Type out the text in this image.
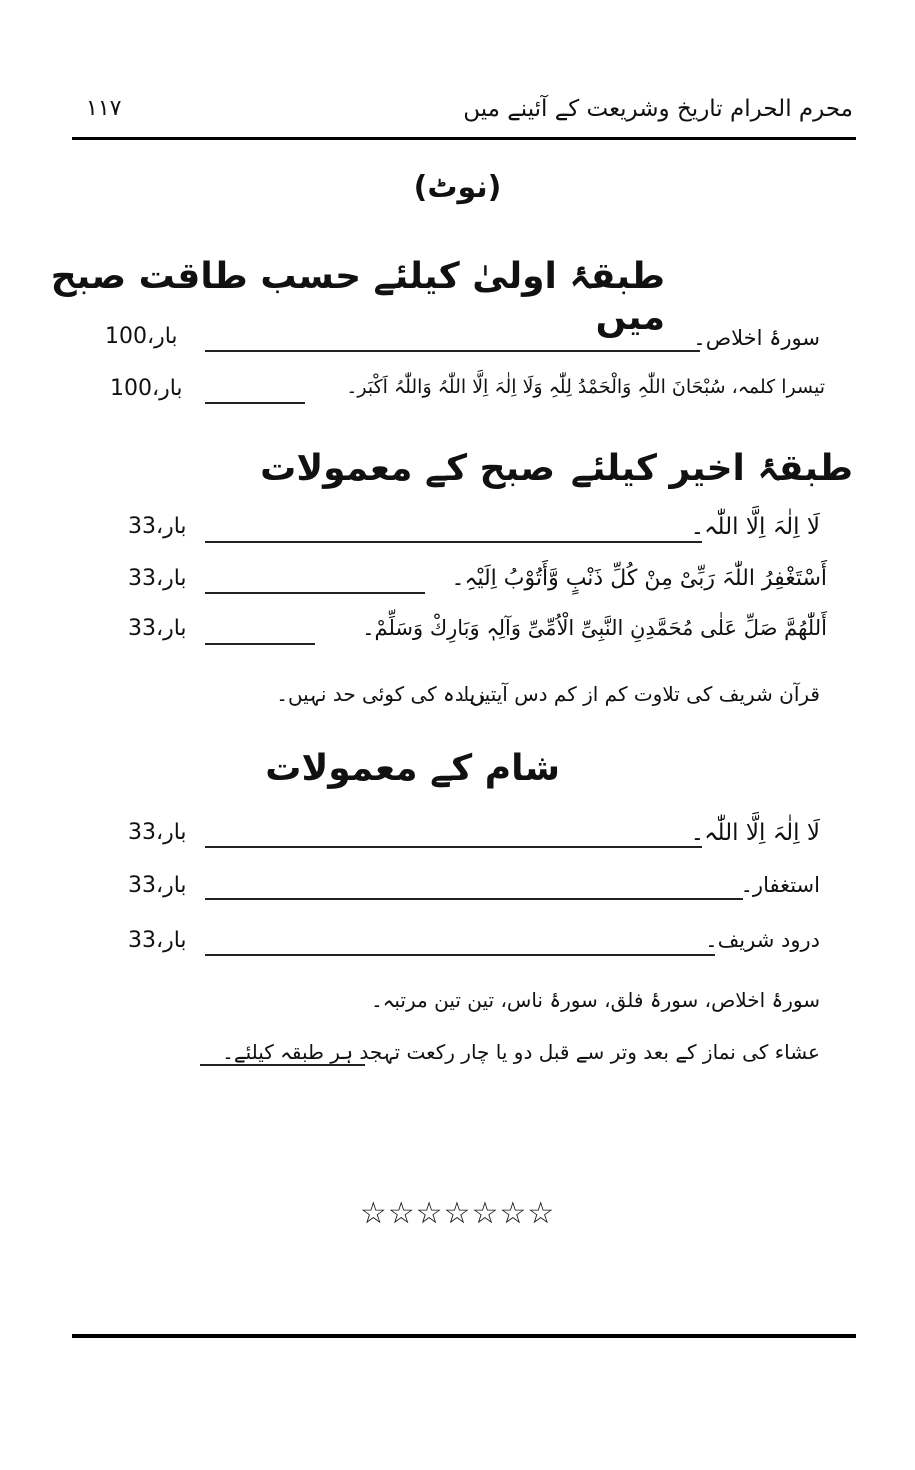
محرم الحرام تاریخ وشریعت کے آئینے میں
۱۱۷
(نوٹ)
طبقۂ اولیٰ کیلئے حسب طاقت صبح میں سورۂ اخلاص۔
100،بار
تیسرا کلمہ، سُبْحَانَ اللّٰہِ وَالْحَمْدُ لِلّٰہِ وَلَا اِلٰہَ اِلَّا اللّٰہُ وَاللّٰہُ اَکْبَر۔
100،بار
طبقۂ اخیر کیلئے
صبح کے معمولات
لَا اِلٰہَ اِلَّا اللّٰہ۔
33،بار
أَسْتَغْفِرُ اللّٰہَ رَبِّیْ مِنْ کُلِّ ذَنْبٍ وَّأَتُوْبُ اِلَیْہِ۔
33،بار
أَللّٰھُمَّ صَلِّ عَلٰی مُحَمَّدِنِ النَّبِیِّ الْاُمِّیِّ وَآلِہٖ وَبَارِكْ وَسَلِّمْ۔
33،بار
قرآن شریف کی تلاوت کم از کم دس آیتیں۔
زیادہ کی کوئی حد نہیں۔
شام کے معمولات
لَا اِلٰہَ اِلَّا اللّٰہ۔
33،بار
استغفار۔
33،بار
درود شریف۔
33،بار
سورۂ اخلاص، سورۂ فلق، سورۂ ناس، تین تین مرتبہ۔
عشاء کی نماز کے بعد وتر سے قبل دو یا چار رکعت تہجد ہر طبقہ کیلئے۔
☆☆☆☆☆☆☆
